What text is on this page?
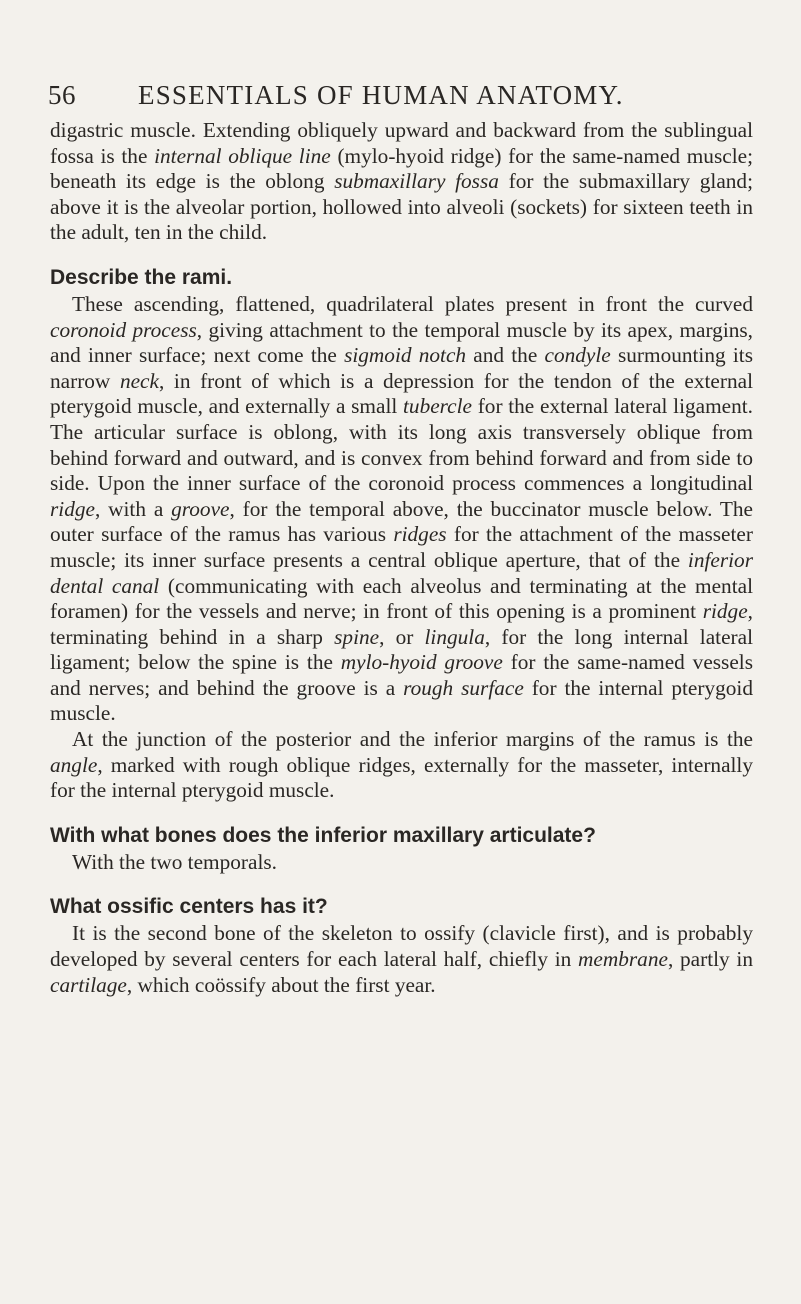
56 ESSENTIALS OF HUMAN ANATOMY.

digastric muscle. Extending obliquely upward and backward from the sublingual fossa is the internal oblique line (mylo-hyoid ridge) for the same-named muscle; beneath its edge is the oblong submaxillary fossa for the submaxillary gland; above it is the alveolar portion, hollowed into alveoli (sockets) for sixteen teeth in the adult, ten in the child.

Describe the rami.

These ascending, flattened, quadrilateral plates present in front the curved coronoid process, giving attachment to the temporal muscle by its apex, margins, and inner surface; next come the sigmoid notch and the condyle surmounting its narrow neck, in front of which is a depression for the tendon of the external pterygoid muscle, and externally a small tubercle for the external lateral ligament. The articular surface is oblong, with its long axis transversely oblique from behind forward and outward, and is convex from behind forward and from side to side. Upon the inner surface of the coronoid process commences a longitudinal ridge, with a groove, for the temporal above, the buccinator muscle below. The outer surface of the ramus has various ridges for the attachment of the masseter muscle; its inner surface presents a central oblique aperture, that of the inferior dental canal (communicating with each alveolus and terminating at the mental foramen) for the vessels and nerve; in front of this opening is a prominent ridge, terminating behind in a sharp spine, or lingula, for the long internal lateral ligament; below the spine is the mylo-hyoid groove for the same-named vessels and nerves; and behind the groove is a rough surface for the internal pterygoid muscle.

At the junction of the posterior and the inferior margins of the ramus is the angle, marked with rough oblique ridges, externally for the masseter, internally for the internal pterygoid muscle.

With what bones does the inferior maxillary articulate?

With the two temporals.

What ossific centers has it?

It is the second bone of the skeleton to ossify (clavicle first), and is probably developed by several centers for each lateral half, chiefly in membrane, partly in cartilage, which coössify about the first year.
